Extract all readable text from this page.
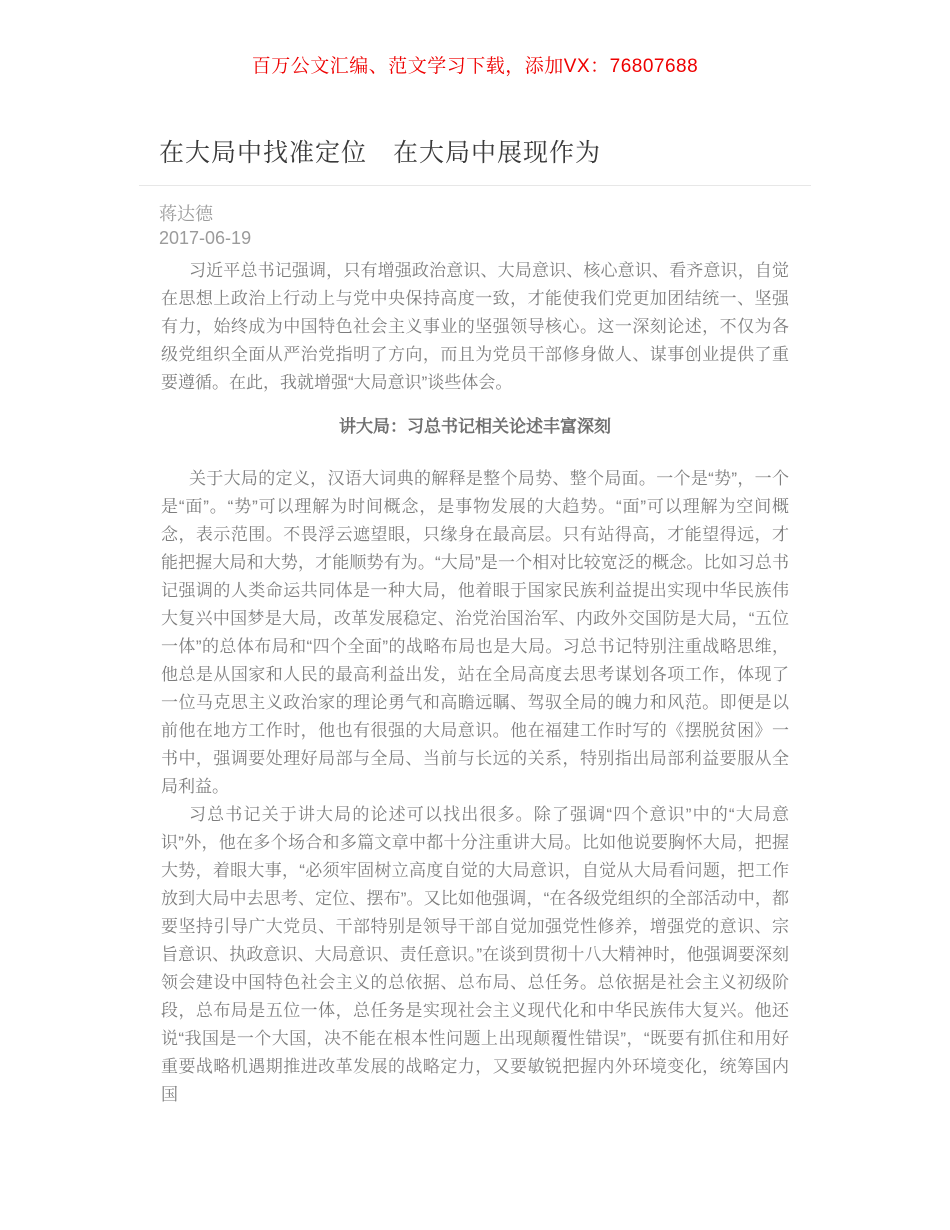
百万公文汇编、范文学习下载，添加VX：76807688
在大局中找准定位　在大局中展现作为
蒋达德
2017-06-19

习近平总书记强调，只有增强政治意识、大局意识、核心意识、看齐意识，自觉在思想上政治上行动上与党中央保持高度一致，才能使我们党更加团结统一、坚强有力，始终成为中国特色社会主义事业的坚强领导核心。这一深刻论述，不仅为各级党组织全面从严治党指明了方向，而且为党员干部修身做人、谋事创业提供了重要遵循。在此，我就增强“大局意识”谈些体会。

讲大局：习总书记相关论述丰富深刻

关于大局的定义，汉语大词典的解释是整个局势、整个局面。一个是“势”，一个是“面”。“势”可以理解为时间概念，是事物发展的大趋势。“面”可以理解为空间概念，表示范围。不畏浮云遮望眼，只缘身在最高层。只有站得高，才能望得远，才能把握大局和大势，才能顺势有为。“大局”是一个相对比较宽泛的概念。比如习总书记强调的人类命运共同体是一种大局，他着眼于国家民族利益提出实现中华民族伟大复兴中国梦是大局，改革发展稳定、治党治国治军、内政外交国防是大局，“五位一体”的总体布局和“四个全面”的战略布局也是大局。习总书记特别注重战略思维，他总是从国家和人民的最高利益出发，站在全局高度去思考谋划各项工作，体现了一位马克思主义政治家的理论勇气和高瞻远瞩、驾驭全局的魄力和风范。即便是以前他在地方工作时，他也有很强的大局意识。他在福建工作时写的《摆脱贫困》一书中，强调要处理好局部与全局、当前与长远的关系，特别指出局部利益要服从全局利益。

习总书记关于讲大局的论述可以找出很多。除了强调“四个意识”中的“大局意识”外，他在多个场合和多篇文章中都十分注重讲大局。比如他说要胸怀大局，把握大势，着眼大事，“必须牢固树立高度自觉的大局意识，自觉从大局看问题，把工作放到大局中去思考、定位、摆布”。又比如他强调，“在各级党组织的全部活动中，都要坚持引导广大党员、干部特别是领导干部自觉加强党性修养，增强党的意识、宗旨意识、执政意识、大局意识、责任意识。”在谈到贯彻十八大精神时，他强调要深刻领会建设中国特色社会主义的总依据、总布局、总任务。总依据是社会主义初级阶段，总布局是五位一体，总任务是实现社会主义现代化和中华民族伟大复兴。他还说“我国是一个大国，决不能在根本性问题上出现颠覆性错误”，“既要有抓住和用好重要战略机遇期推进改革发展的战略定力，又要敏锐把握内外环境变化，统筹国内国
